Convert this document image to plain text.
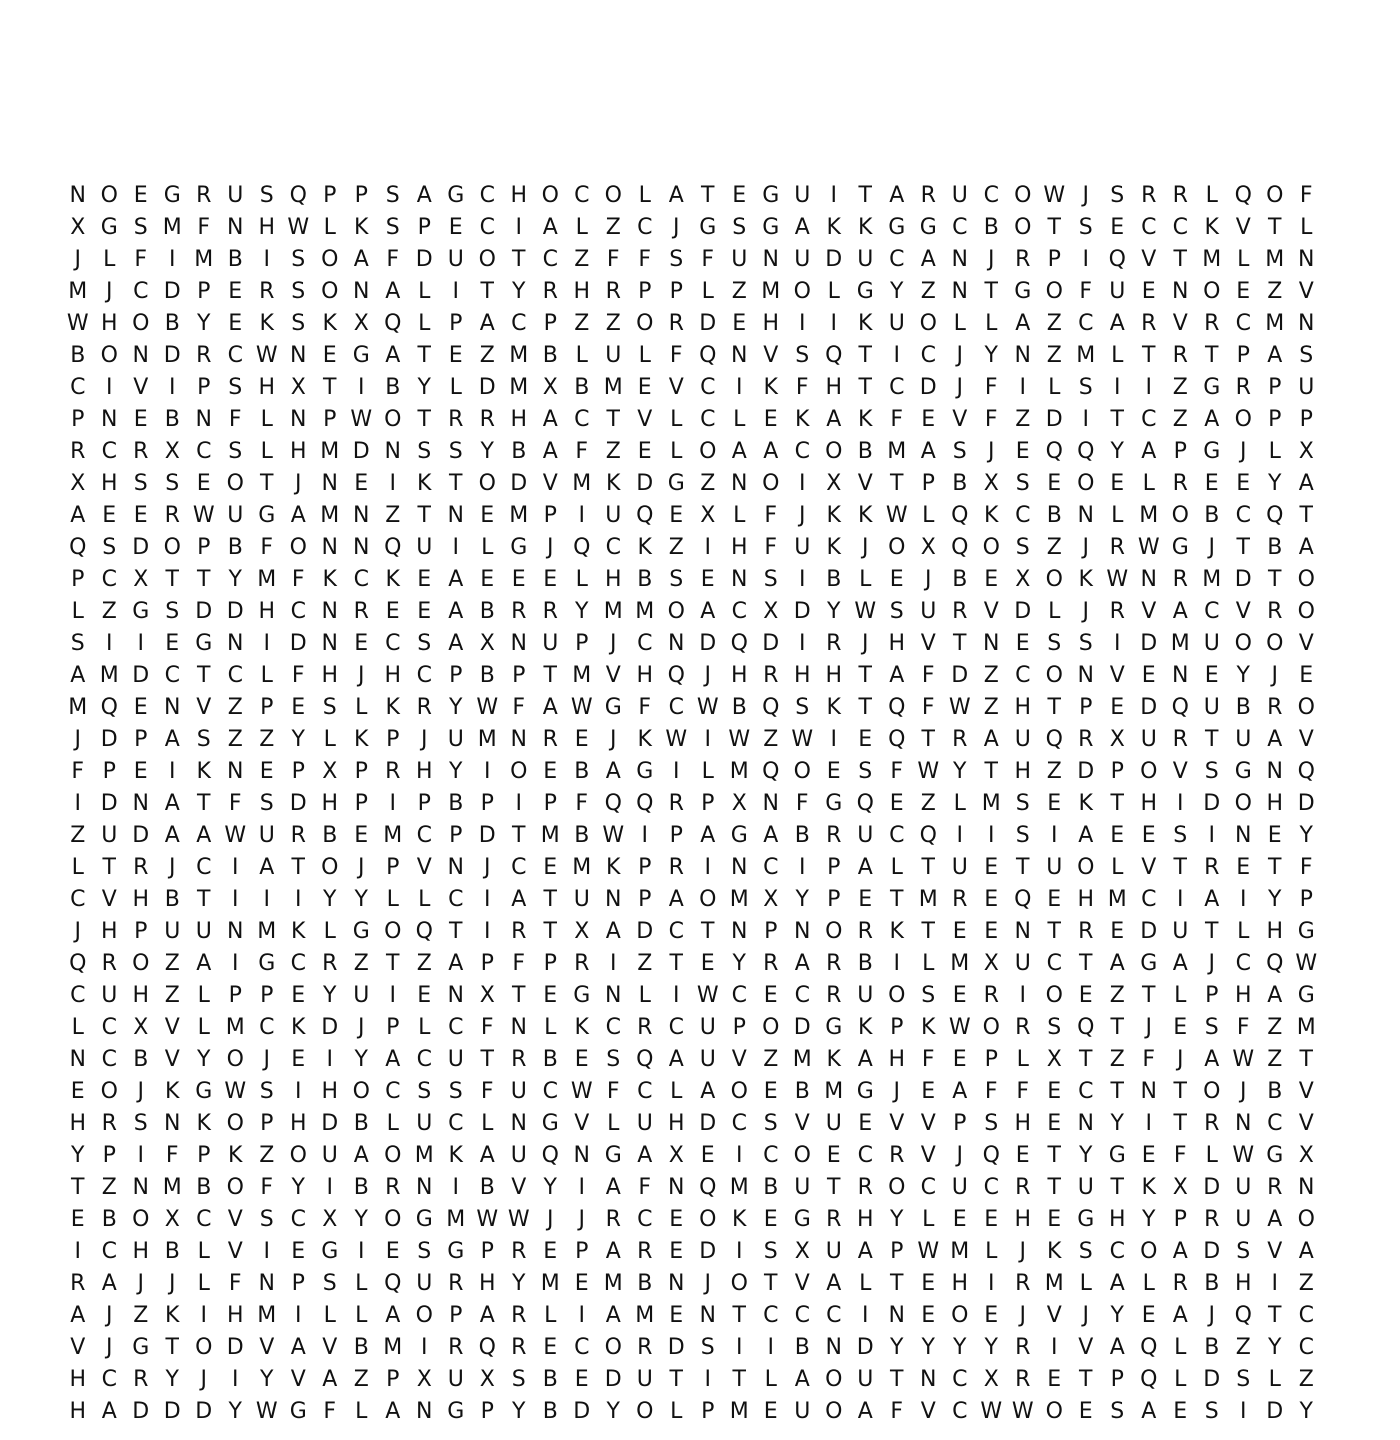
N O E G R U S Q P P S A G C H O C O L A T E G U I T A R U C O W J S R R L Q O F
X G S M F N H W L K S P E C I A L Z C J G S G A K K G G C B O T S E C C K V T L
J	L F I M B I S O A F D U O T C Z F F S F U N U D U C A N J R P I Q V T M L M N
M J C D P E R S O N A L	I T Y R H R P P L Z M O L G Y Z N T G O F U E N O E Z V
W H O B Y E K S K X Q L P A C P Z Z O R D E H I	I K U O L L A Z C A R V R C M N
B O N D R C W N E G A T E Z M B L U L F Q N V S Q T I C J Y N Z M L T R T P A S
C I V I P S H X T I B Y L D M X B M E V C I K F H T C D J F I	L S I	I Z G R P U
P N E B N F L N P W O T R R H A C T V L C L E K A K F E V F Z D I T C Z A O P P
R C R X C S L H M D N S S Y B A F Z E L O A A C O B M A S J E Q Q Y A P G J	L X
X H S S E O T J N E I K T O D V M K D G Z N O I X V T P B X S E O E L R E E Y A
A E E R W U G A M N Z T N E M P I U Q E X L F J K K W L Q K C B N L M O B C Q T
Q S D O P B F O N N Q U I	L G J Q C K Z I H F U K J O X Q O S Z J R W G J T B A
P C X T T Y M F K C K E A E E E L H B S E N S I B L E J B E X O K W N R M D T O
L Z G S D D H C N R E E A B R R Y M M O A C X D Y W S U R V D L	J R V A C V R O
S I	I E G N I D N E C S A X N U P J C N D Q D I R J H V T N E S S I D M U O O V
A M D C T C L F H J H C P B P T M V H Q J H R H H T A F D Z C O N V E N E Y J E
M Q E N V Z P E S L K R Y W F A W G F C W B Q S K T Q F W Z H T P E D Q U B R O
J D P A S Z Z Y L K P J U M N R E J K W I W Z W I E Q T R A U Q R X U R T U A V
F P E I K N E P X P R H Y I O E B A G I	L M Q O E S F W Y T H Z D P O V S G N Q
I D N A T F S D H P I P B P I P F Q Q R P X N F G Q E Z L M S E K T H I D O H D
Z U D A A W U R B E M C P D T M B W I P A G A B R U C Q I	I S I A E E S I N E Y
L T R J C I A T O J P V N J C E M K P R I N C I P A L T U E T U O L V T R E T F
C V H B T I	I	I Y Y L L C I A T U N P A O M X Y P E T M R E Q E H M C I A I Y P
J H P U U N M K L G O Q T I R T X A D C T N P N O R K T E E N T R E D U T L H G
Q R O Z A I G C R Z T Z A P F P R I Z T E Y R A R B I	L M X U C T A G A J C Q W
C U H Z L P P E Y U I E N X T E G N L	I W C E C R U O S E R I O E Z T L P H A G
L C X V L M C K D J P L C F N L K C R C U P O D G K P K W O R S Q T J E S F Z M
N C B V Y O J E I Y A C U T R B E S Q A U V Z M K A H F E P L X T Z F J A W Z T
E O J K G W S I H O C S S F U C W F C L A O E B M G J E A F F E C T N T O J B V
H R S N K O P H D B L U C L N G V L U H D C S V U E V V P S H E N Y I T R N C V
Y P I F P K Z O U A O M K A U Q N G A X E I C O E C R V J Q E T Y G E F L W G X
T Z N M B O F Y I B R N I B V Y I A F N Q M B U T R O C U C R T U T K X D U R N
E B O X C V S C X Y O G M W W J	J R C E O K E G R H Y L E E H E G H Y P R U A O
I C H B L V I E G I E S G P R E P A R E D I S X U A P W M L	J K S C O A D S V A
R A J	J	L F N P S L Q U R H Y M E M B N J O T V A L T E H I R M L A L R B H I Z
A J Z K I H M I	L L A O P A R L	I A M E N T C C C I N E O E J V J Y E A J Q T C
V J G T O D V A V B M I R Q R E C O R D S I	I B N D Y Y Y Y R I V A Q L B Z Y C
H C R Y J	I Y V A Z P X U X S B E D U T I T L A O U T N C X R E T P Q L D S L Z
H A D D D Y W G F L A N G P Y B D Y O L P M E U O A F V C W W O E S A E S I D Y
